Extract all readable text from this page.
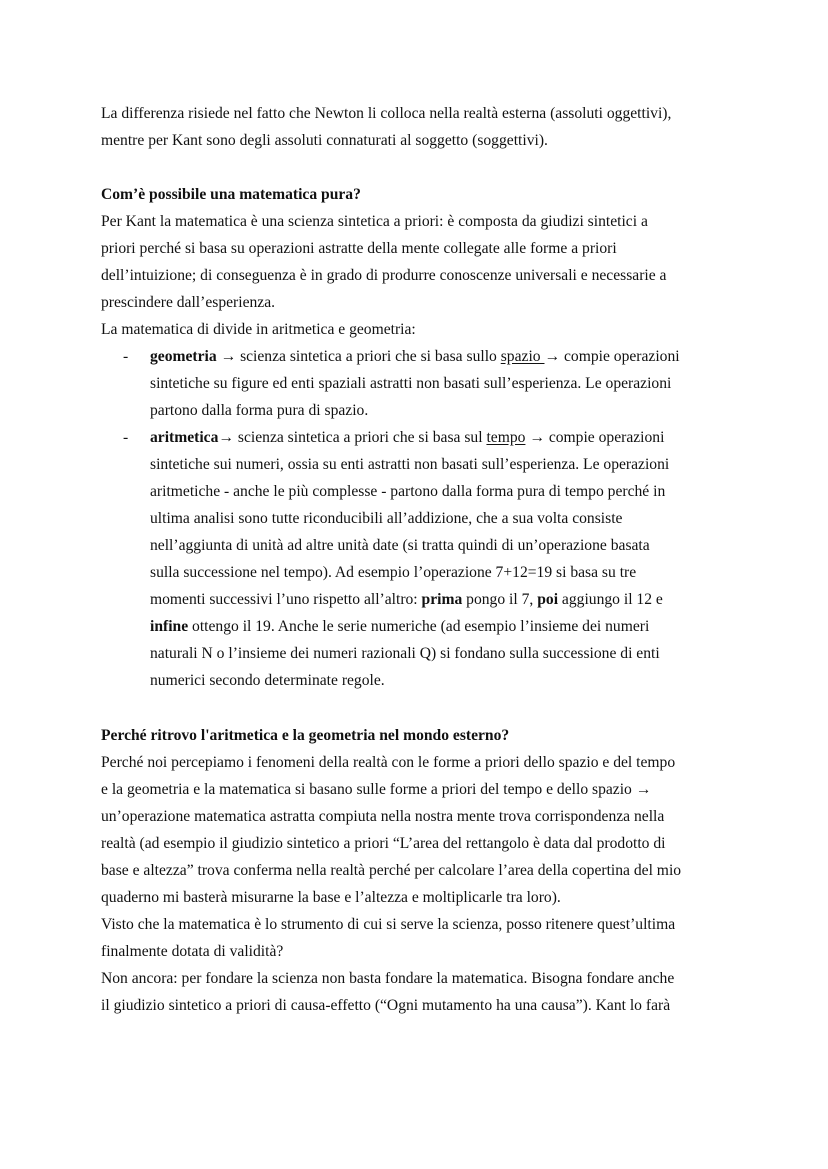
La differenza risiede nel fatto che Newton li colloca nella realtà esterna (assoluti oggettivi),
mentre per Kant sono degli assoluti connaturati al soggetto (soggettivi).
Com’è possibile una matematica pura?
Per Kant la matematica è una scienza sintetica a priori: è composta da giudizi sintetici a
priori perché si basa su operazioni astratte della mente collegate alle forme a priori
dell’intuizione; di conseguenza è in grado di produrre conoscenze universali e necessarie a
prescindere dall’esperienza.
La matematica di divide in aritmetica e geometria:
- geometria → scienza sintetica a priori che si basa sullo spazio → compie operazioni
sintetiche su figure ed enti spaziali astratti non basati sull’esperienza. Le operazioni
partono dalla forma pura di spazio.
- aritmetica→ scienza sintetica a priori che si basa sul tempo → compie operazioni
sintetiche sui numeri, ossia su enti astratti non basati sull’esperienza. Le operazioni
aritmetiche - anche le più complesse - partono dalla forma pura di tempo perché in
ultima analisi sono tutte riconducibili all’addizione, che a sua volta consiste
nell’aggiunta di unità ad altre unità date (si tratta quindi di un’operazione basata
sulla successione nel tempo). Ad esempio l’operazione 7+12=19 si basa su tre
momenti successivi l’uno rispetto all’altro: prima pongo il 7, poi aggiungo il 12 e
infine ottengo il 19. Anche le serie numeriche (ad esempio l’insieme dei numeri
naturali N o l’insieme dei numeri razionali Q) si fondano sulla successione di enti
numerici secondo determinate regole.
Perché ritrovo l'aritmetica e la geometria nel mondo esterno?
Perché noi percepiamo i fenomeni della realtà con le forme a priori dello spazio e del tempo
e la geometria e la matematica si basano sulle forme a priori del tempo e dello spazio →
un’operazione matematica astratta compiuta nella nostra mente trova corrispondenza nella
realtà (ad esempio il giudizio sintetico a priori “L’area del rettangolo è data dal prodotto di
base e altezza” trova conferma nella realtà perché per calcolare l’area della copertina del mio
quaderno mi basterà misurarne la base e l’altezza e moltiplicarle tra loro).
Visto che la matematica è lo strumento di cui si serve la scienza, posso ritenere quest’ultima
finalmente dotata di validità?
Non ancora: per fondare la scienza non basta fondare la matematica. Bisogna fondare anche
il giudizio sintetico a priori di causa-effetto (“Ogni mutamento ha una causa”). Kant lo farà
